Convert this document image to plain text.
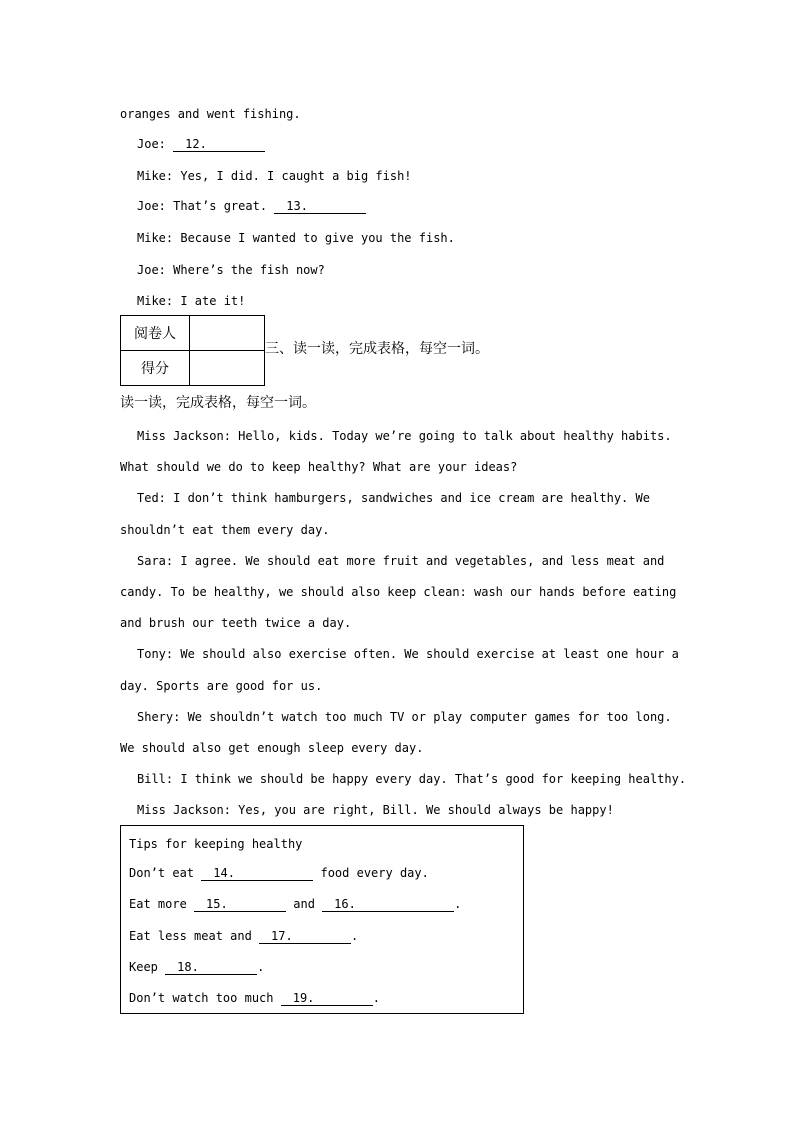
oranges and went fishing.
Joe: 12.
Mike: Yes, I did. I caught a big fish!
Joe: That’s great. 13.
Mike: Because I wanted to give you the fish.
Joe: Where’s the fish now?
Mike: I ate it!
阅卷人	
得分	
三、读一读，完成表格，每空一词。
读一读，完成表格，每空一词。
Miss Jackson: Hello, kids. Today we’re going to talk about healthy habits.
What should we do to keep healthy? What are your ideas?
Ted: I don’t think hamburgers, sandwiches and ice cream are healthy. We
shouldn’t eat them every day.
Sara: I agree. We should eat more fruit and vegetables, and less meat and
candy. To be healthy, we should also keep clean: wash our hands before eating
and brush our teeth twice a day.
Tony: We should also exercise often. We should exercise at least one hour a
day. Sports are good for us.
Shery: We shouldn’t watch too much TV or play computer games for too long.
We should also get enough sleep every day.
Bill: I think we should be happy every day. That’s good for keeping healthy.
Miss Jackson: Yes, you are right, Bill. We should always be happy!
Tips for keeping healthy
Don’t eat 14.	food every day.
Eat more 15.	and 16.	.
Eat less meat and 17.	.
Keep 18.	.
Don’t watch too much 19.	.
